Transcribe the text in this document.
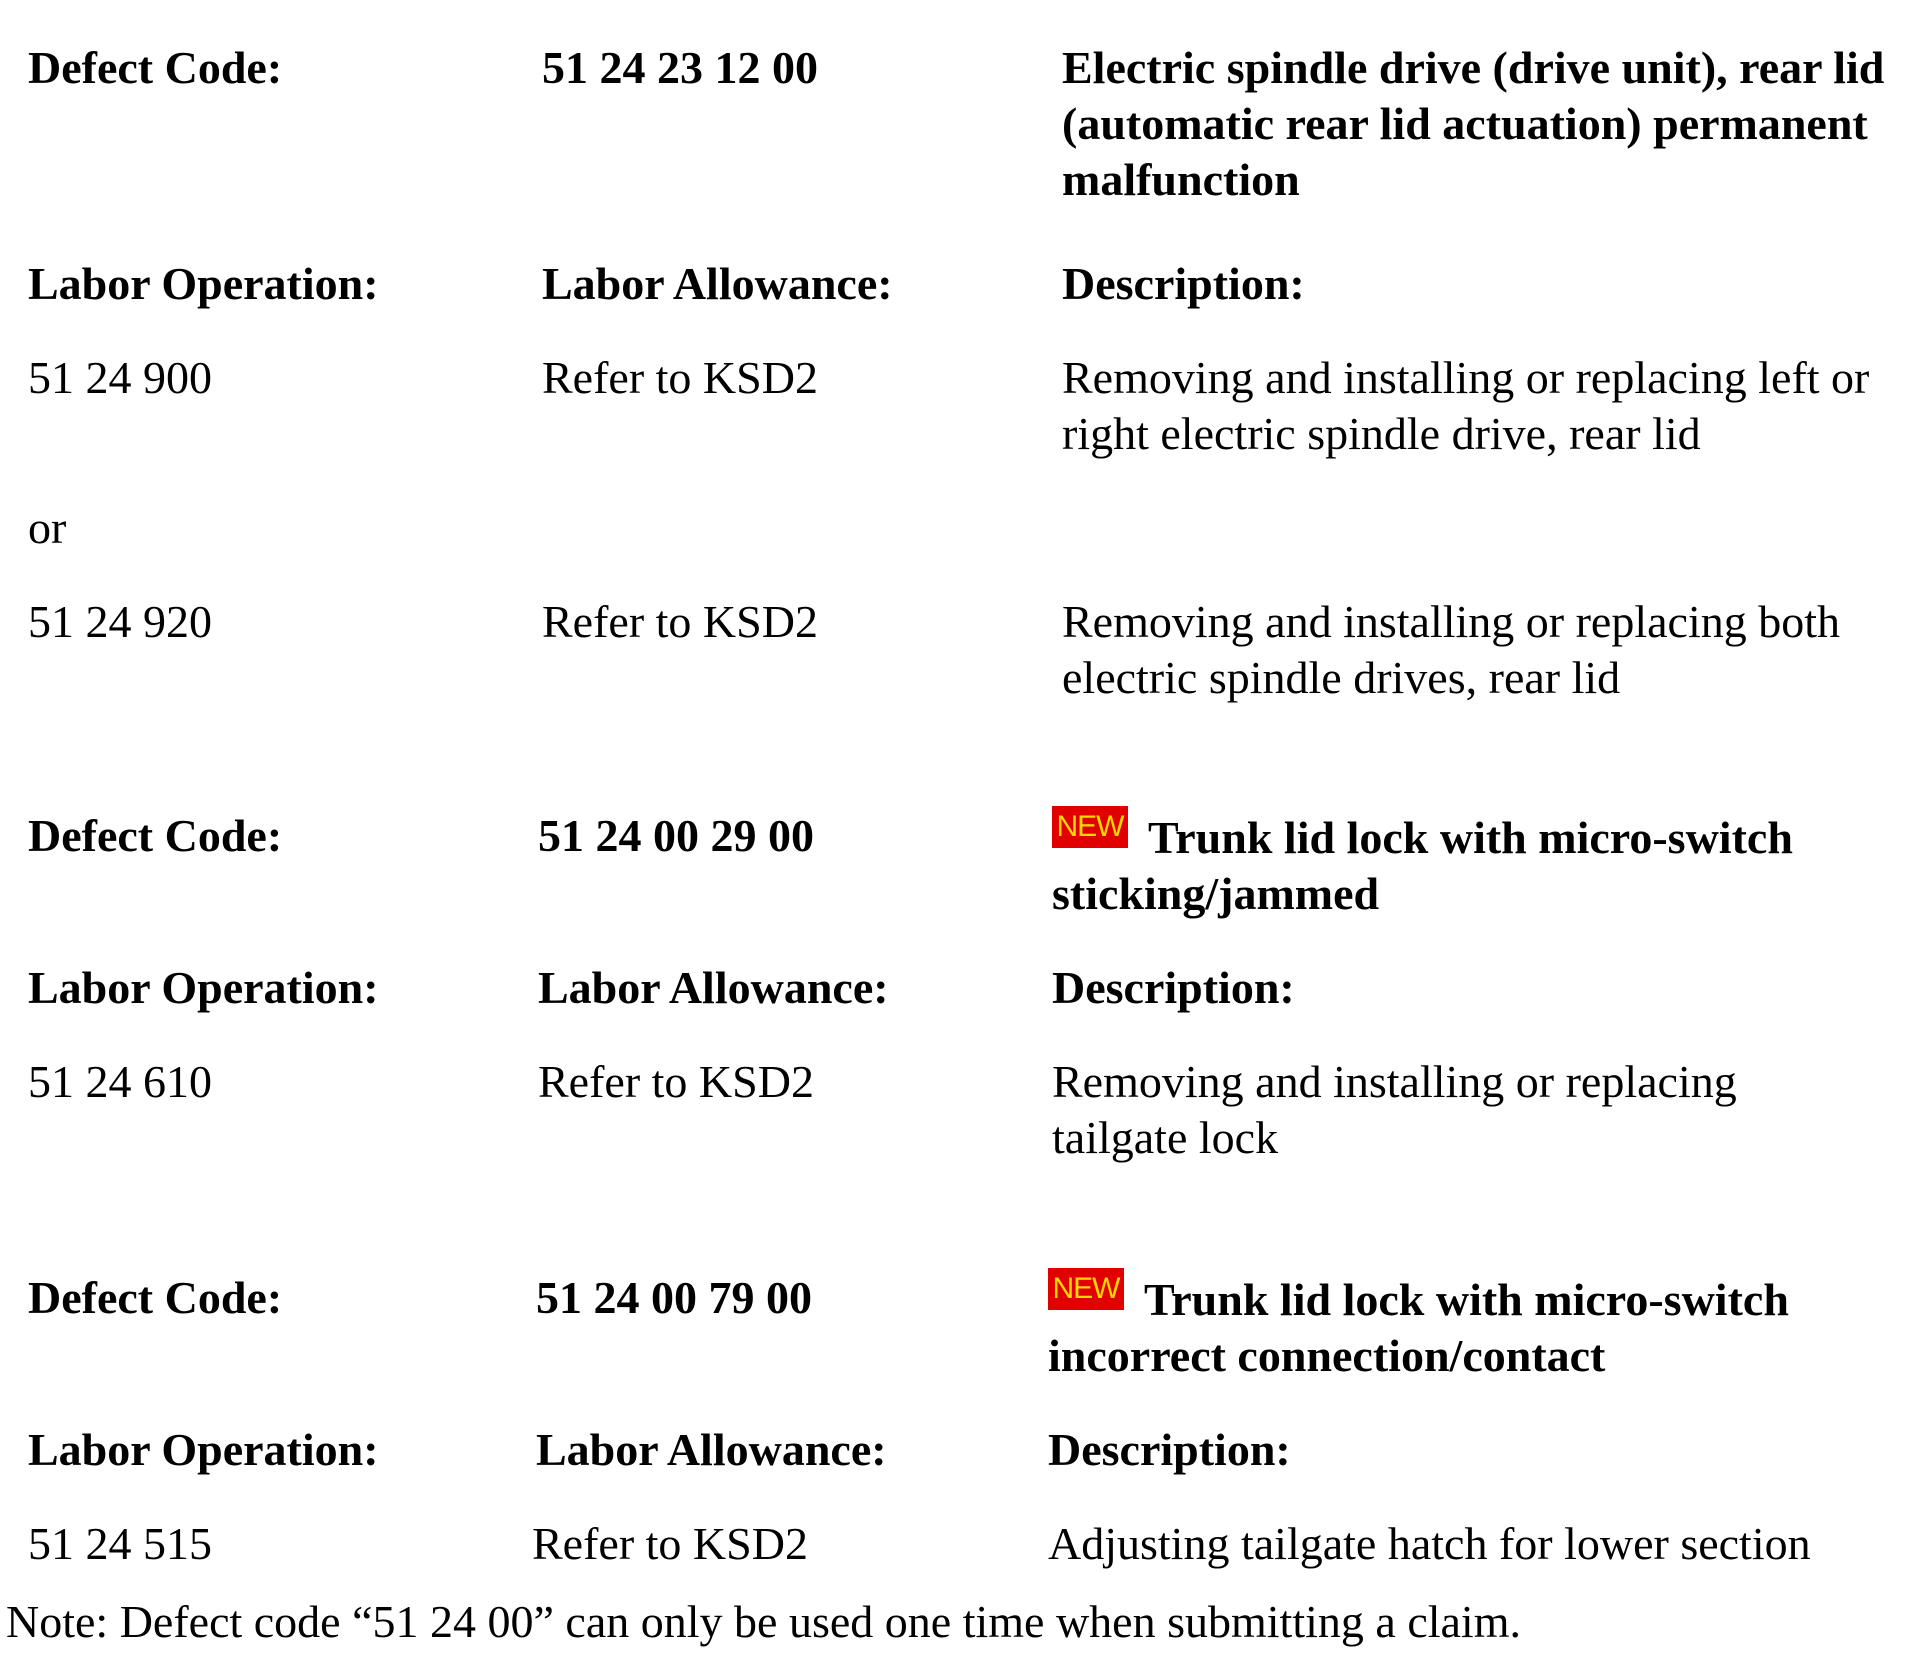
Defect Code:	51 24 23 12 00	Electric spindle drive (drive unit), rear lid (automatic rear lid actuation) permanent malfunction
Labor Operation:	Labor Allowance:	Description:
51 24 900	Refer to KSD2	Removing and installing or replacing left or right electric spindle drive, rear lid
or
51 24 920	Refer to KSD2	Removing and installing or replacing both electric spindle drives, rear lid
Defect Code:	51 24 00 29 00	NEW Trunk lid lock with micro-switch
sticking/jammed
Labor Operation:	Labor Allowance:	Description:
51 24 610	Refer to KSD2	Removing and installing or replacing tailgate lock
Defect Code:	51 24 00 79 00	NEW Trunk lid lock with micro-switch
incorrect connection/contact
Labor Operation:	Labor Allowance:	Description:
51 24 515	Refer to KSD2	Adjusting tailgate hatch for lower section
Note: Defect code “51 24 00” can only be used one time when submitting a claim.
